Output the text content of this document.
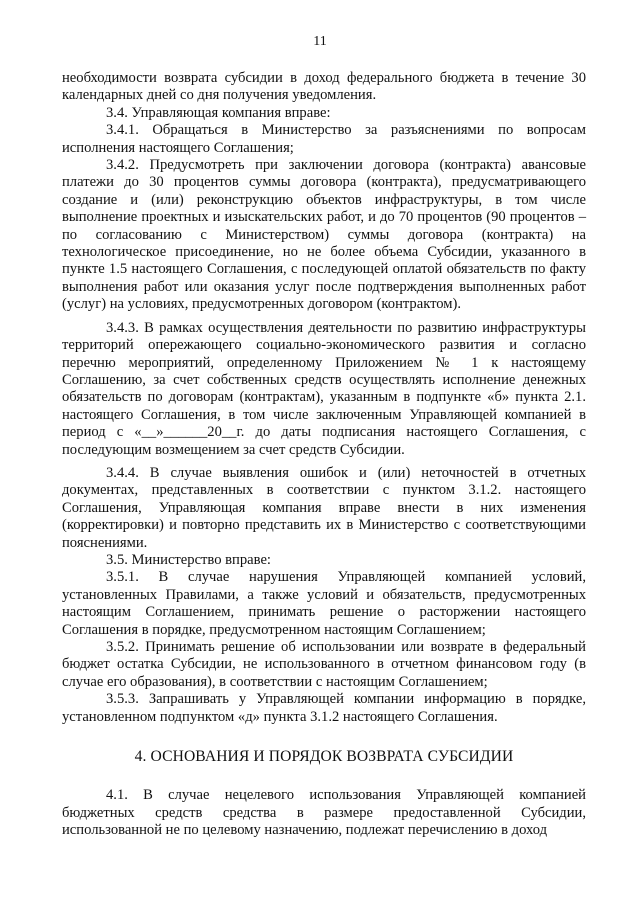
11

необходимости возврата субсидии в доход федерального бюджета в течение 30 календарных дней со дня получения уведомления.

3.4. Управляющая компания вправе:

3.4.1. Обращаться в Министерство за разъяснениями по вопросам исполнения настоящего Соглашения;

3.4.2. Предусмотреть при заключении договора (контракта) авансовые платежи до 30 процентов суммы договора (контракта), предусматривающего создание и (или) реконструкцию объектов инфраструктуры, в том числе выполнение проектных и изыскательских работ, и до 70 процентов (90 процентов – по согласованию с Министерством) суммы договора (контракта) на технологическое присоединение, но не более объема Субсидии, указанного в пункте 1.5 настоящего Соглашения, с последующей оплатой обязательств по факту выполнения работ или оказания услуг после подтверждения выполненных работ (услуг) на условиях, предусмотренных договором (контрактом).

3.4.3. В рамках осуществления деятельности по развитию инфраструктуры территорий опережающего социально-экономического развития и согласно перечню мероприятий, определенному Приложением № 1 к настоящему Соглашению, за счет собственных средств осуществлять исполнение денежных обязательств по договорам (контрактам), указанным в подпункте «б» пункта 2.1. настоящего Соглашения, в том числе заключенным Управляющей компанией в период с «__»______20__г. до даты подписания настоящего Соглашения, с последующим возмещением за счет средств Субсидии.

3.4.4. В случае выявления ошибок и (или) неточностей в отчетных документах, представленных в соответствии с пунктом 3.1.2. настоящего Соглашения, Управляющая компания вправе внести в них изменения (корректировки) и повторно представить их в Министерство с соответствующими пояснениями.

3.5. Министерство вправе:

3.5.1. В случае нарушения Управляющей компанией условий, установленных Правилами, а также условий и обязательств, предусмотренных настоящим Соглашением, принимать решение о расторжении настоящего Соглашения в порядке, предусмотренном настоящим Соглашением;

3.5.2. Принимать решение об использовании или возврате в федеральный бюджет остатка Субсидии, не использованного в отчетном финансовом году (в случае его образования), в соответствии с настоящим Соглашением;

3.5.3. Запрашивать у Управляющей компании информацию в порядке, установленном подпунктом «д» пункта 3.1.2 настоящего Соглашения.

4. ОСНОВАНИЯ И ПОРЯДОК ВОЗВРАТА СУБСИДИИ

4.1. В случае нецелевого использования Управляющей компанией бюджетных средств средства в размере предоставленной Субсидии, использованной не по целевому назначению, подлежат перечислению в доход
